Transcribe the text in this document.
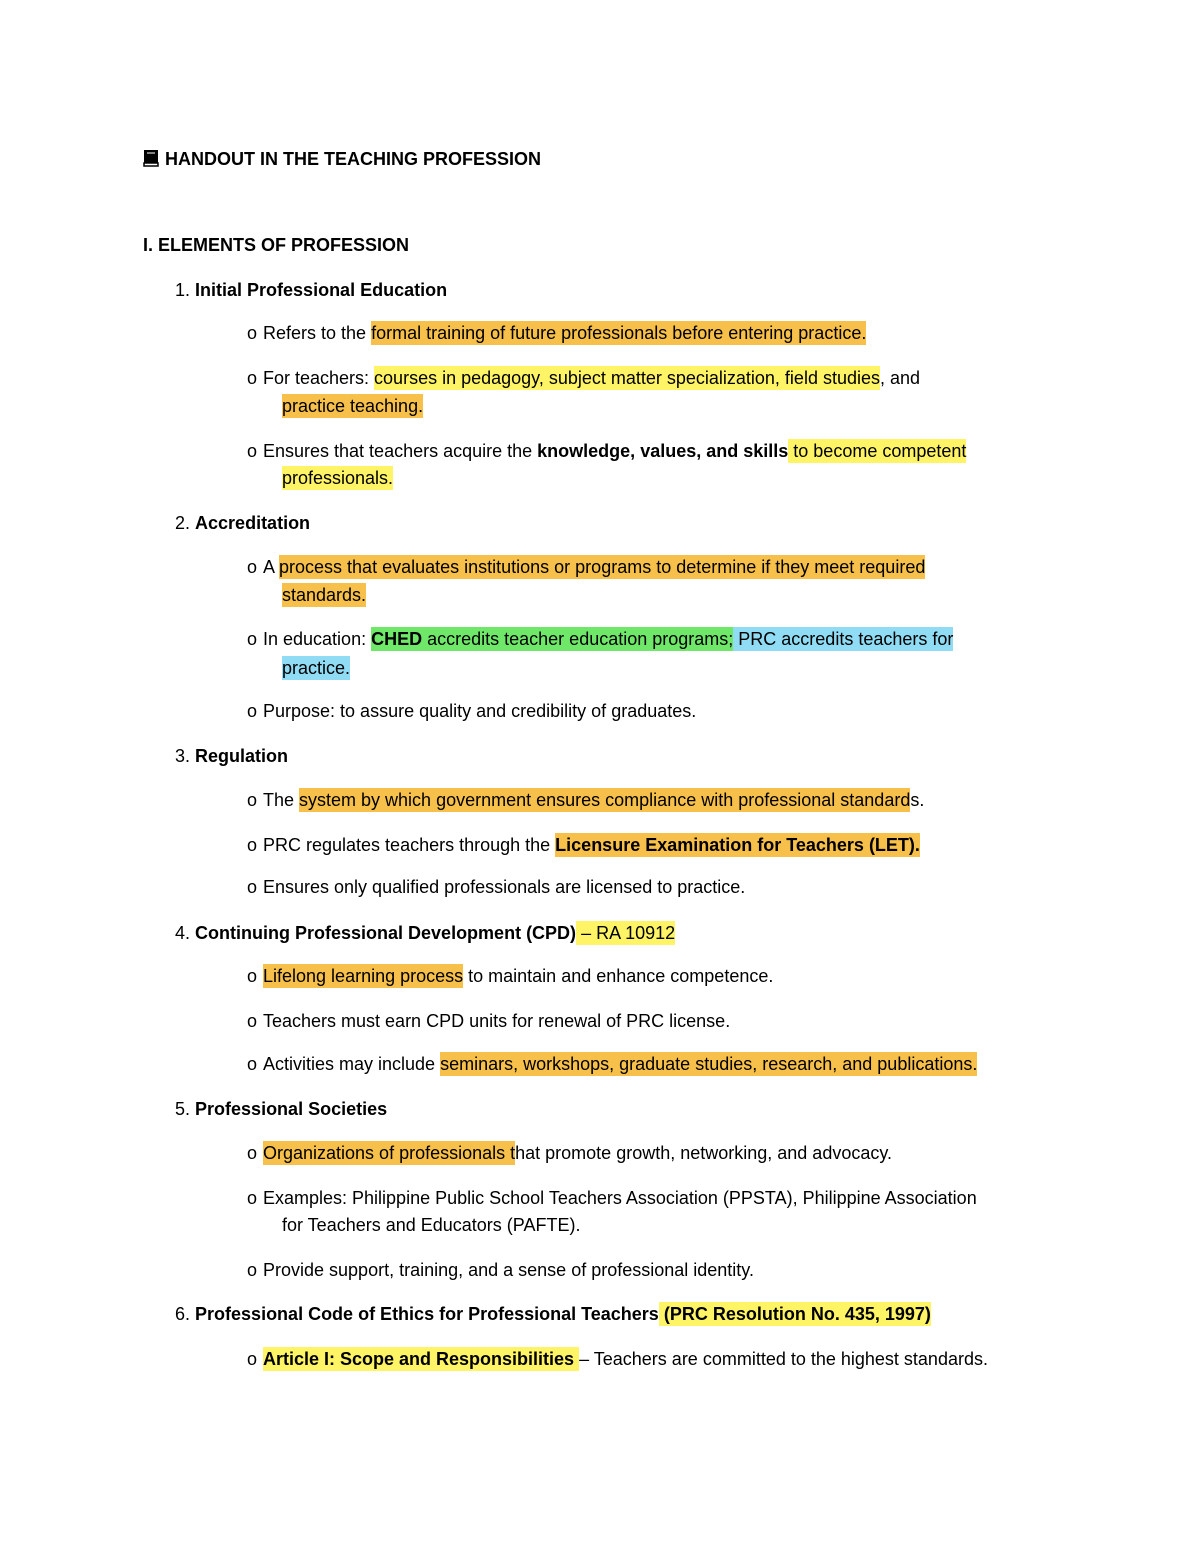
HANDOUT IN THE TEACHING PROFESSION
I. ELEMENTS OF PROFESSION
1. Initial Professional Education
o Refers to the formal training of future professionals before entering practice.
o For teachers: courses in pedagogy, subject matter specialization, field studies, and
practice teaching.
o Ensures that teachers acquire the knowledge, values, and skills to become competent
professionals.
2. Accreditation
o A process that evaluates institutions or programs to determine if they meet required
standards.
o In education: CHED accredits teacher education programs; PRC accredits teachers for
practice.
o Purpose: to assure quality and credibility of graduates.
3. Regulation
o The system by which government ensures compliance with professional standards.
o PRC regulates teachers through the Licensure Examination for Teachers (LET).
o Ensures only qualified professionals are licensed to practice.
4. Continuing Professional Development (CPD) – RA 10912
o Lifelong learning process to maintain and enhance competence.
o Teachers must earn CPD units for renewal of PRC license.
o Activities may include seminars, workshops, graduate studies, research, and publications.
5. Professional Societies
o Organizations of professionals that promote growth, networking, and advocacy.
o Examples: Philippine Public School Teachers Association (PPSTA), Philippine Association
for Teachers and Educators (PAFTE).
o Provide support, training, and a sense of professional identity.
6. Professional Code of Ethics for Professional Teachers (PRC Resolution No. 435, 1997)
o Article I: Scope and Responsibilities – Teachers are committed to the highest standards.
